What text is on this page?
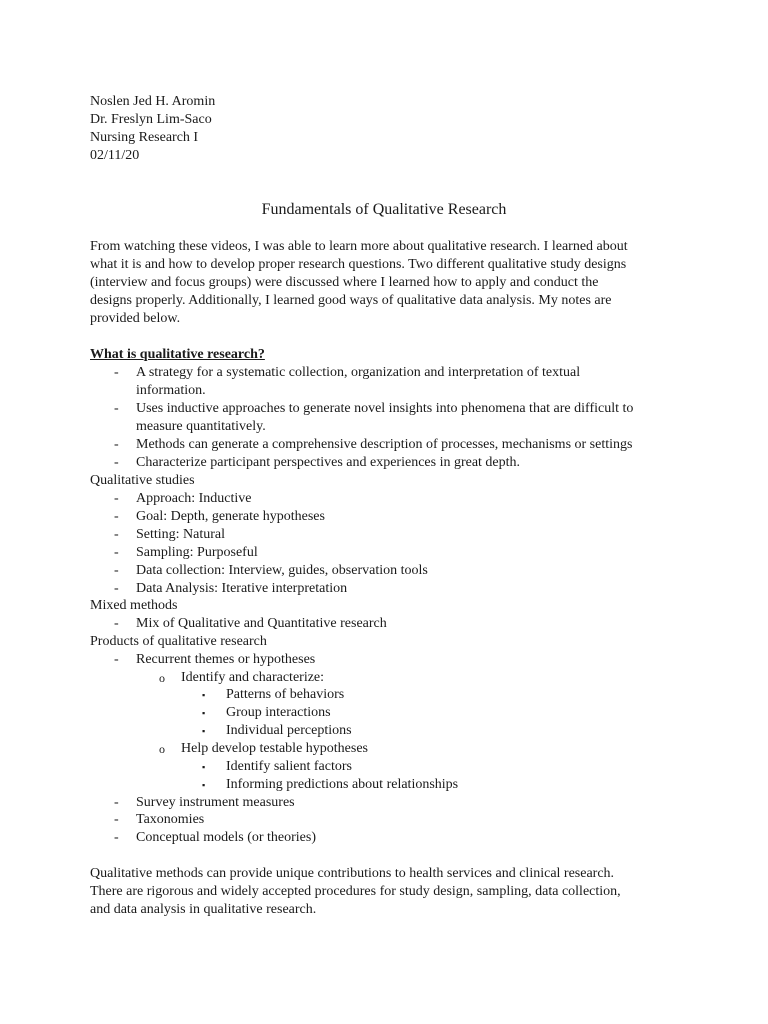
Noslen Jed H. Aromin
Dr. Freslyn Lim-Saco
Nursing Research I
02/11/20
Fundamentals of Qualitative Research
From watching these videos, I was able to learn more about qualitative research. I learned about
what it is and how to develop proper research questions. Two different qualitative study designs
(interview and focus groups) were discussed where I learned how to apply and conduct the
designs properly. Additionally, I learned good ways of qualitative data analysis. My notes are
provided below.
What is qualitative research?
- A strategy for a systematic collection, organization and interpretation of textual
information.
- Uses inductive approaches to generate novel insights into phenomena that are difficult to
measure quantitatively.
- Methods can generate a comprehensive description of processes, mechanisms or settings
- Characterize participant perspectives and experiences in great depth.
Qualitative studies
- Approach: Inductive
- Goal: Depth, generate hypotheses
- Setting: Natural
- Sampling: Purposeful
- Data collection: Interview, guides, observation tools
- Data Analysis: Iterative interpretation
Mixed methods
- Mix of Qualitative and Quantitative research
Products of qualitative research
- Recurrent themes or hypotheses
o Identify and characterize:
▪ Patterns of behaviors
▪ Group interactions
▪ Individual perceptions
o Help develop testable hypotheses
▪ Identify salient factors
▪ Informing predictions about relationships
- Survey instrument measures
- Taxonomies
- Conceptual models (or theories)
Qualitative methods can provide unique contributions to health services and clinical research.
There are rigorous and widely accepted procedures for study design, sampling, data collection,
and data analysis in qualitative research.
